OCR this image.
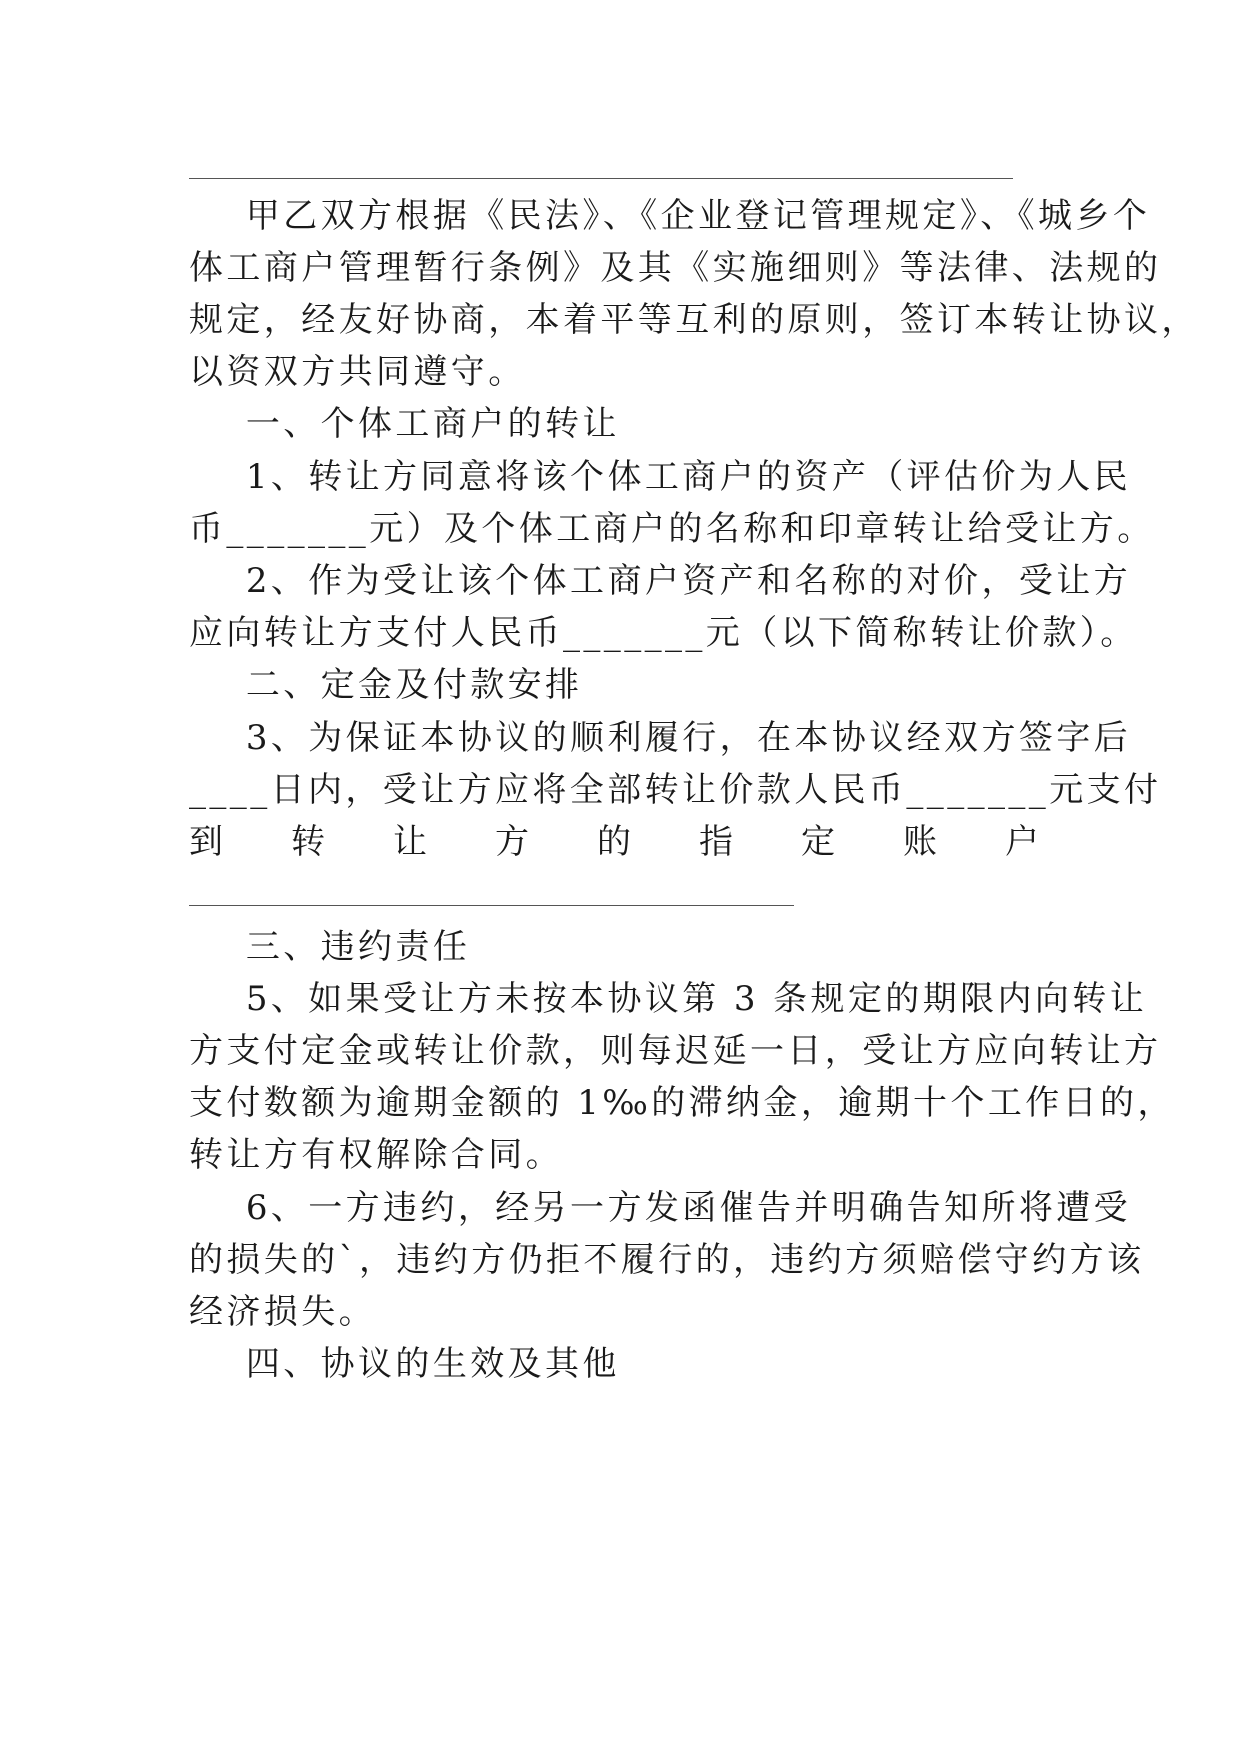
甲乙双方根据《民法》、《企业登记管理规定》、《城乡个
体工商户管理暂行条例》及其《实施细则》等法律、法规的
规定，经友好协商，本着平等互利的原则，签订本转让协议，
以资双方共同遵守。
一、个体工商户的转让
1、转让方同意将该个体工商户的资产（评估价为人民
币_______元）及个体工商户的名称和印章转让给受让方。
2、作为受让该个体工商户资产和名称的对价，受让方
应向转让方支付人民币_______元（以下简称转让价款）。
二、定金及付款安排
3、为保证本协议的顺利履行，在本协议经双方签字后
____日内，受让方应将全部转让价款人民币_______元支付
到 转 让 方 的 指 定 账 户
三、违约责任
5、如果受让方未按本协议第 3 条规定的期限内向转让
方支付定金或转让价款，则每迟延一日，受让方应向转让方
支付数额为逾期金额的 1‰的滞纳金，逾期十个工作日的，
转让方有权解除合同。
6、一方违约，经另一方发函催告并明确告知所将遭受
的损失的`，违约方仍拒不履行的，违约方须赔偿守约方该
经济损失。
四、协议的生效及其他
